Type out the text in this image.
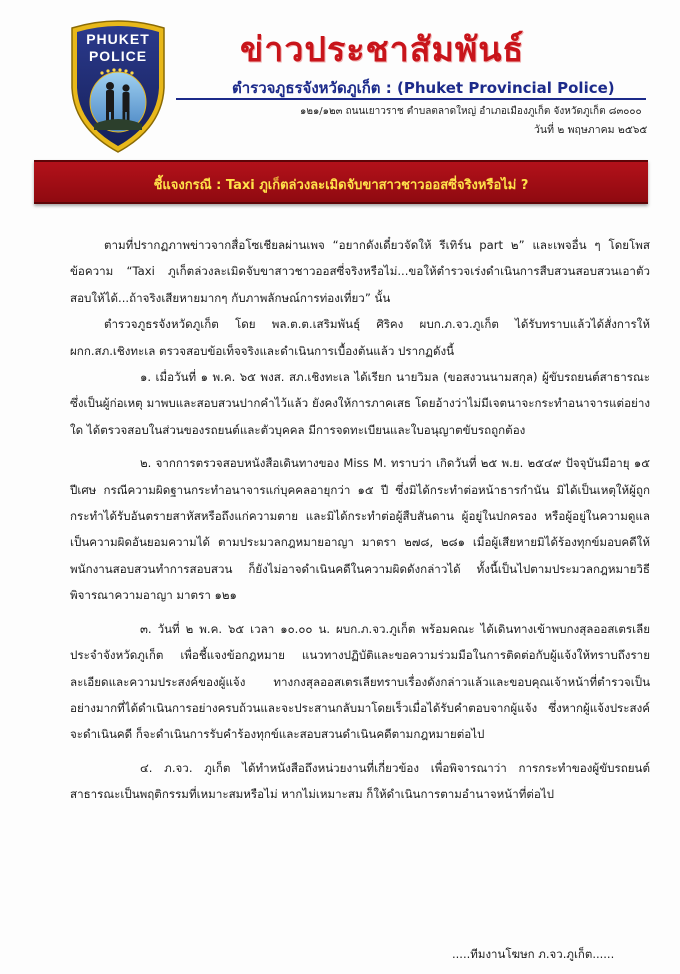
PHUKET
POLICE	ข่าวประชาสัมพันธ์
ตำรวจภูธรจังหวัดภูเก็ต : (Phuket Provincial Police)
๑๒๑/๑๒๓ ถนนเยาวราช ตำบลตลาดใหญ่ อำเภอเมืองภูเก็ต จังหวัดภูเก็ต ๘๓๐๐๐
วันที่ ๒ พฤษภาคม ๒๕๖๕
ชี้แจงกรณี : Taxi ภูเก็ตล่วงละเมิดจับขาสาวชาวออสซี่จริงหรือไม่ ?

ตามที่ปรากฏภาพข่าวจากสื่อโซเชียลผ่านเพจ “อยากดังเดี๋ยวจัดให้ รีเทิร์น part ๒” และเพจอื่น ๆ โดยโพสข้อความ “Taxi ภูเก็ตล่วงละเมิดจับขาสาวชาวออสซี่จริงหรือไม่...ขอให้ตำรวจเร่งดำเนินการสืบสวนสอบสวนเอาตัวสอบให้ได้...ถ้าจริงเสียหายมากๆ กับภาพลักษณ์การท่องเที่ยว” นั้น

ตำรวจภูธรจังหวัดภูเก็ต โดย พล.ต.ต.เสริมพันธุ์ ศิริคง ผบก.ภ.จว.ภูเก็ต ได้รับทราบแล้วได้สั่งการให้ ผกก.สภ.เชิงทะเล ตรวจสอบข้อเท็จจริงและดำเนินการเบื้องต้นแล้ว ปรากฏดังนี้

๑. เมื่อวันที่ ๑ พ.ค. ๖๕ พงส. สภ.เชิงทะเล ได้เรียก นายวิมล (ขอสงวนนามสกุล) ผู้ขับรถยนต์สาธารณะ ซึ่งเป็นผู้ก่อเหตุ มาพบและสอบสวนปากคำไว้แล้ว ยังคงให้การภาคเสธ โดยอ้างว่าไม่มีเจตนาจะกระทำอนาจารแต่อย่างใด ได้ตรวจสอบในส่วนของรถยนต์และตัวบุคคล มีการจดทะเบียนและใบอนุญาตขับรถถูกต้อง

๒. จากการตรวจสอบหนังสือเดินทางของ Miss M. ทราบว่า เกิดวันที่ ๒๕ พ.ย. ๒๕๔๙ ปัจจุบันมีอายุ ๑๕ ปีเศษ กรณีความผิดฐานกระทำอนาจารแก่บุคคลอายุกว่า ๑๕ ปี ซึ่งมิได้กระทำต่อหน้าธารกำนัน มิได้เป็นเหตุให้ผู้ถูกกระทำได้รับอันตรายสาหัสหรือถึงแก่ความตาย และมิได้กระทำต่อผู้สืบสันดาน ผู้อยู่ในปกครอง หรือผู้อยู่ในความดูแล เป็นความผิดอันยอมความได้ ตามประมวลกฎหมายอาญา มาตรา ๒๗๘, ๒๘๑ เมื่อผู้เสียหายมิได้ร้องทุกข์มอบคดีให้พนักงานสอบสวนทำการสอบสวน ก็ยังไม่อาจดำเนินคดีในความผิดดังกล่าวได้ ทั้งนี้เป็นไปตามประมวลกฎหมายวิธีพิจารณาความอาญา มาตรา ๑๒๑

๓. วันที่ ๒ พ.ค. ๖๕ เวลา ๑๐.๐๐ น. ผบก.ภ.จว.ภูเก็ต พร้อมคณะ ได้เดินทางเข้าพบกงสุลออสเตรเลีย ประจำจังหวัดภูเก็ต เพื่อชี้แจงข้อกฎหมาย แนวทางปฏิบัติและขอความร่วมมือในการติดต่อกับผู้แจ้งให้ทราบถึงรายละเอียดและความประสงค์ของผู้แจ้ง ทางกงสุลออสเตรเลียทราบเรื่องดังกล่าวแล้วและขอบคุณเจ้าหน้าที่ตำรวจเป็นอย่างมากที่ได้ดำเนินการอย่างครบถ้วนและจะประสานกลับมาโดยเร็วเมื่อได้รับคำตอบจากผู้แจ้ง ซึ่งหากผู้แจ้งประสงค์จะดำเนินคดี ก็จะดำเนินการรับคำร้องทุกข์และสอบสวนดำเนินคดีตามกฎหมายต่อไป

๔. ภ.จว. ภูเก็ต ได้ทำหนังสือถึงหน่วยงานที่เกี่ยวข้อง เพื่อพิจารณาว่า การกระทำของผู้ขับรถยนต์สาธารณะเป็นพฤติกรรมที่เหมาะสมหรือไม่ หากไม่เหมาะสม ก็ให้ดำเนินการตามอำนาจหน้าที่ต่อไป

.....ทีมงานโฆษก ภ.จว.ภูเก็ต......
